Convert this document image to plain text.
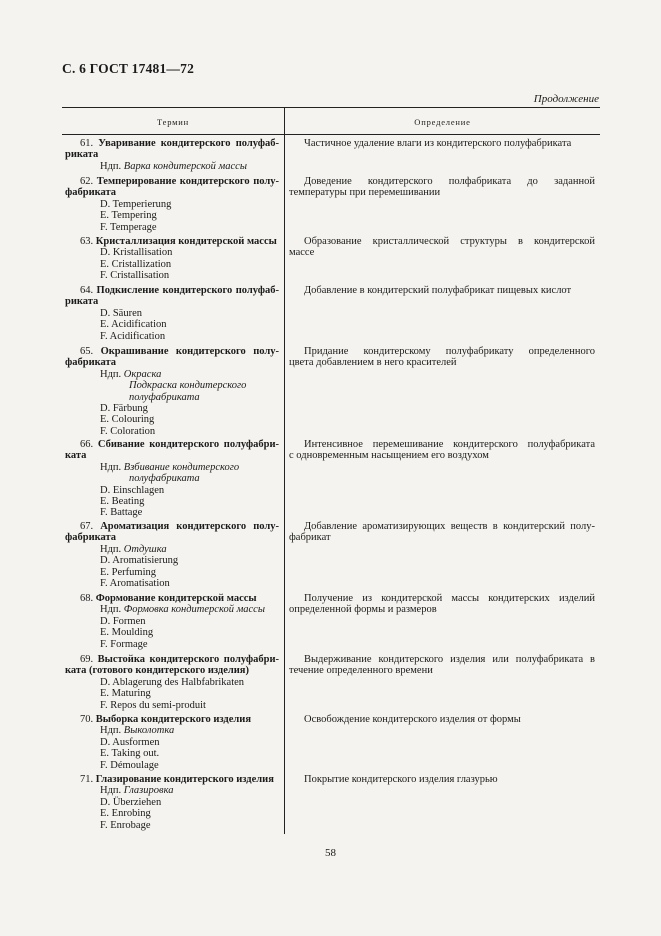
С. 6 ГОСТ 17481—72
Продолжение
Термин	Определение

61. Уваривание кондитерского полуфаб-

риката

Ндп. Варка кондитерской массы

Частичное удаление влаги из кондитерского полуфабриката

62. Темперирование кондитерского полу-

фабриката

D. Temperierung

E. Tempering

F. Temperage

Доведение кондитерского полфабриката до заданной

температуры при перемешивании

63. Кристаллизация кондитерской массы

D. Kristallisation

E. Cristallization

F. Cristallisation

Образование кристаллической структуры в кондитерской

массе

64. Подкисление кондитерского полуфаб-

риката

D. Säuren

E. Acidification

F. Acidification

Добавление в кондитерский полуфабрикат пищевых кислот

65. Окрашивание кондитерского полу-

фабриката

Ндп. Окраска

Подкраска кондитерского

полуфабриката

D. Färbung

E. Colouring

F. Coloration

Придание кондитерскому полуфабрикату определенного

цвета добавлением в него красителей

66. Сбивание кондитерского полуфабри-

ката

Ндп. Взбивание кондитерского

полуфабриката

D. Einschlagen

E. Beating

F. Battage

Интенсивное перемешивание кондитерского полуфабриката

с одновременным насыщением его воздухом

67. Ароматизация кондитерского полу-

фабриката

Ндп. Отдушка

D. Aromatisierung

E. Perfuming

F. Aromatisation

Добавление ароматизирующих веществ в кондитерский полу-

фабрикат

68. Формование кондитерской массы

Ндп. Формовка кондитерской массы

D. Formen

E. Moulding

F. Formage

Получение из кондитерской массы кондитерских изделий

определенной формы и размеров

69. Выстойка кондитерского полуфабри-

ката (готового кондитерского изделия)

D. Ablagerung des Halbfabrikaten

E. Maturing

F. Repos du semi-produit

Выдерживание кондитерского изделия или полуфабриката в

течение определенного времени

70. Выборка кондитерского изделия

Ндп. Выколотка

D. Ausformen

E. Taking out.

F. Démoulage

Освобождение кондитерского изделия от формы

71. Глазирование кондитерского изделия

Ндп. Глазировка

D. Überziehen

E. Enrobing

F. Enrobage

Покрытие кондитерского изделия глазурью

58
